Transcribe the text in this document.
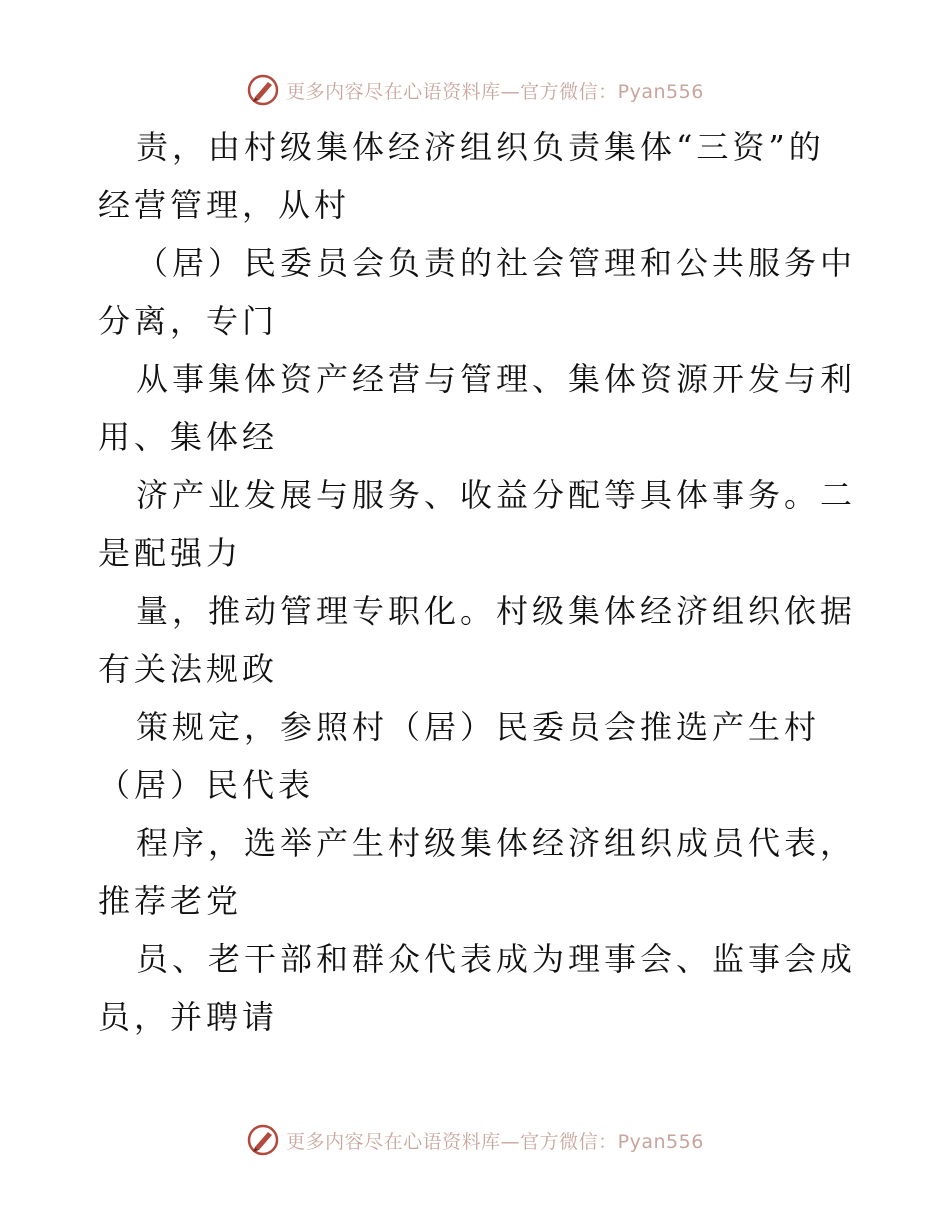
更多内容尽在心语资料库—官方微信：Pyan556

责，由村级集体经济组织负责集体“三资”的经营管理，从村

（居）民委员会负责的社会管理和公共服务中分离，专门

从事集体资产经营与管理、集体资源开发与利用、集体经

济产业发展与服务、收益分配等具体事务。二是配强力

量，推动管理专职化。村级集体经济组织依据有关法规政

策规定，参照村（居）民委员会推选产生村（居）民代表

程序，选举产生村级集体经济组织成员代表，推荐老党

员、老干部和群众代表成为理事会、监事会成员，并聘请

更多内容尽在心语资料库—官方微信：Pyan556
